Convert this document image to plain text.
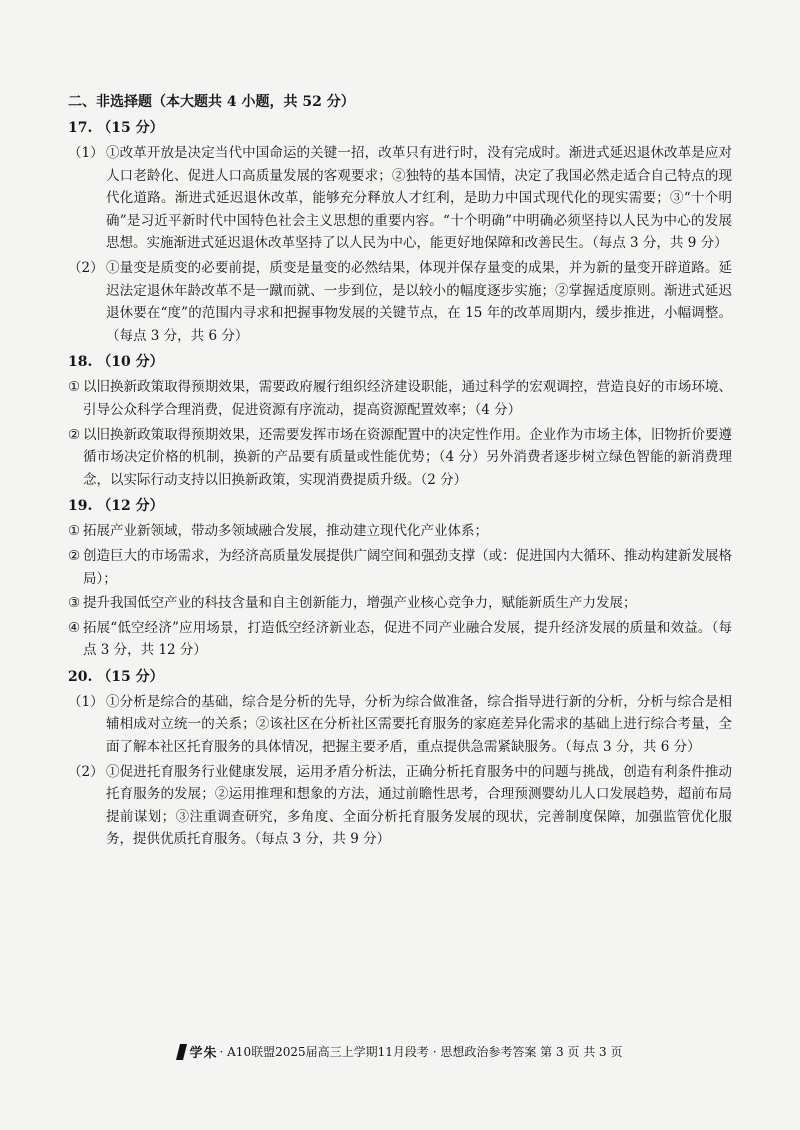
二、非选择题（本大题共 4 小题，共 52 分）
17. （15 分）
（1） ①改革开放是决定当代中国命运的关键一招，改革只有进行时，没有完成时。渐进式延迟退休改革是应对人口老龄化、促进人口高质量发展的客观要求；②独特的基本国情，决定了我国必然走适合自己特点的现代化道路。渐进式延迟退休改革，能够充分释放人才红利，是助力中国式现代化的现实需要；③“十个明确”是习近平新时代中国特色社会主义思想的重要内容。“十个明确”中明确必须坚持以人民为中心的发展思想。实施渐进式延迟退休改革坚持了以人民为中心，能更好地保障和改善民生。（每点 3 分，共 9 分）
（2） ①量变是质变的必要前提，质变是量变的必然结果，体现并保存量变的成果，并为新的量变开辟道路。延迟法定退休年龄改革不是一蹴而就、一步到位，是以较小的幅度逐步实施；②掌握适度原则。渐进式延迟退休要在“度”的范围内寻求和把握事物发展的关键节点，在 15 年的改革周期内，缓步推进，小幅调整。（每点 3 分，共 6 分）
18. （10 分）
① 以旧换新政策取得预期效果，需要政府履行组织经济建设职能，通过科学的宏观调控，营造良好的市场环境、引导公众科学合理消费，促进资源有序流动，提高资源配置效率；（4 分）
② 以旧换新政策取得预期效果，还需要发挥市场在资源配置中的决定性作用。企业作为市场主体，旧物折价要遵循市场决定价格的机制，换新的产品要有质量或性能优势；（4 分）另外消费者逐步树立绿色智能的新消费理念，以实际行动支持以旧换新政策，实现消费提质升级。（2 分）
19. （12 分）
① 拓展产业新领域，带动多领域融合发展，推动建立现代化产业体系；
② 创造巨大的市场需求，为经济高质量发展提供广阔空间和强劲支撑（或：促进国内大循环、推动构建新发展格局）；
③ 提升我国低空产业的科技含量和自主创新能力，增强产业核心竞争力，赋能新质生产力发展；
④ 拓展“低空经济”应用场景，打造低空经济新业态，促进不同产业融合发展，提升经济发展的质量和效益。（每点 3 分，共 12 分）
20. （15 分）
（1） ①分析是综合的基础，综合是分析的先导，分析为综合做准备，综合指导进行新的分析，分析与综合是相辅相成对立统一的关系；②该社区在分析社区需要托育服务的家庭差异化需求的基础上进行综合考量，全面了解本社区托育服务的具体情况，把握主要矛盾，重点提供急需紧缺服务。（每点 3 分，共 6 分）
（2） ①促进托育服务行业健康发展，运用矛盾分析法，正确分析托育服务中的问题与挑战，创造有利条件推动托育服务的发展；②运用推理和想象的方法，通过前瞻性思考，合理预测婴幼儿人口发展趋势，超前布局提前谋划；③注重调查研究，多角度、全面分析托育服务发展的现状，完善制度保障，加强监管优化服务，提供优质托育服务。（每点 3 分，共 9 分）
学朱 · A10联盟2025届高三上学期11月段考 · 思想政治参考答案 第 3 页 共 3 页
